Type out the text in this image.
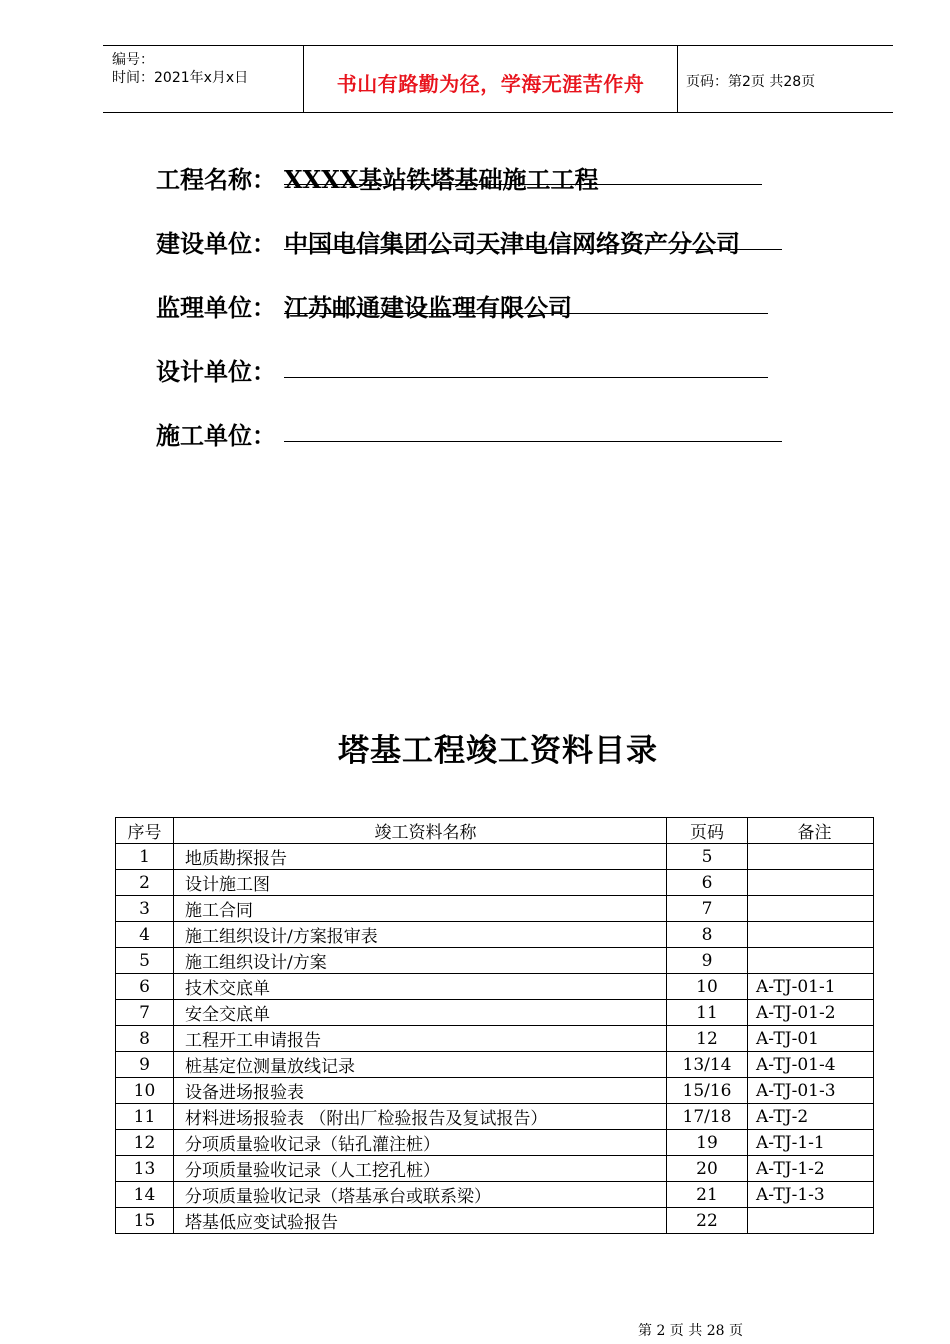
编号：
时间：2021年x月x日	书山有路勤为径，学海无涯苦作舟	页码：第2页 共28页
工程名称： XXXX基站铁塔基础施工工程
建设单位： 中国电信集团公司天津电信网络资产分公司
监理单位： 江苏邮通建设监理有限公司
设计单位：
施工单位：
塔基工程竣工资料目录
序号	竣工资料名称	页码	备注
1	地质勘探报告	5	
2	设计施工图	6	
3	施工合同	7	
4	施工组织设计/方案报审表	8	
5	施工组织设计/方案	9	
6	技术交底单	10	A-TJ-01-1
7	安全交底单	11	A-TJ-01-2
8	工程开工申请报告	12	A-TJ-01
9	桩基定位测量放线记录	13/14	A-TJ-01-4
10	设备进场报验表	15/16	A-TJ-01-3
11	材料进场报验表 （附出厂检验报告及复试报告）	17/18	A-TJ-2
12	分项质量验收记录（钻孔灌注桩）	19	A-TJ-1-1
13	分项质量验收记录（人工挖孔桩）	20	A-TJ-1-2
14	分项质量验收记录（塔基承台或联系梁）	21	A-TJ-1-3
15	塔基低应变试验报告	22	
第 2 页 共 28 页
